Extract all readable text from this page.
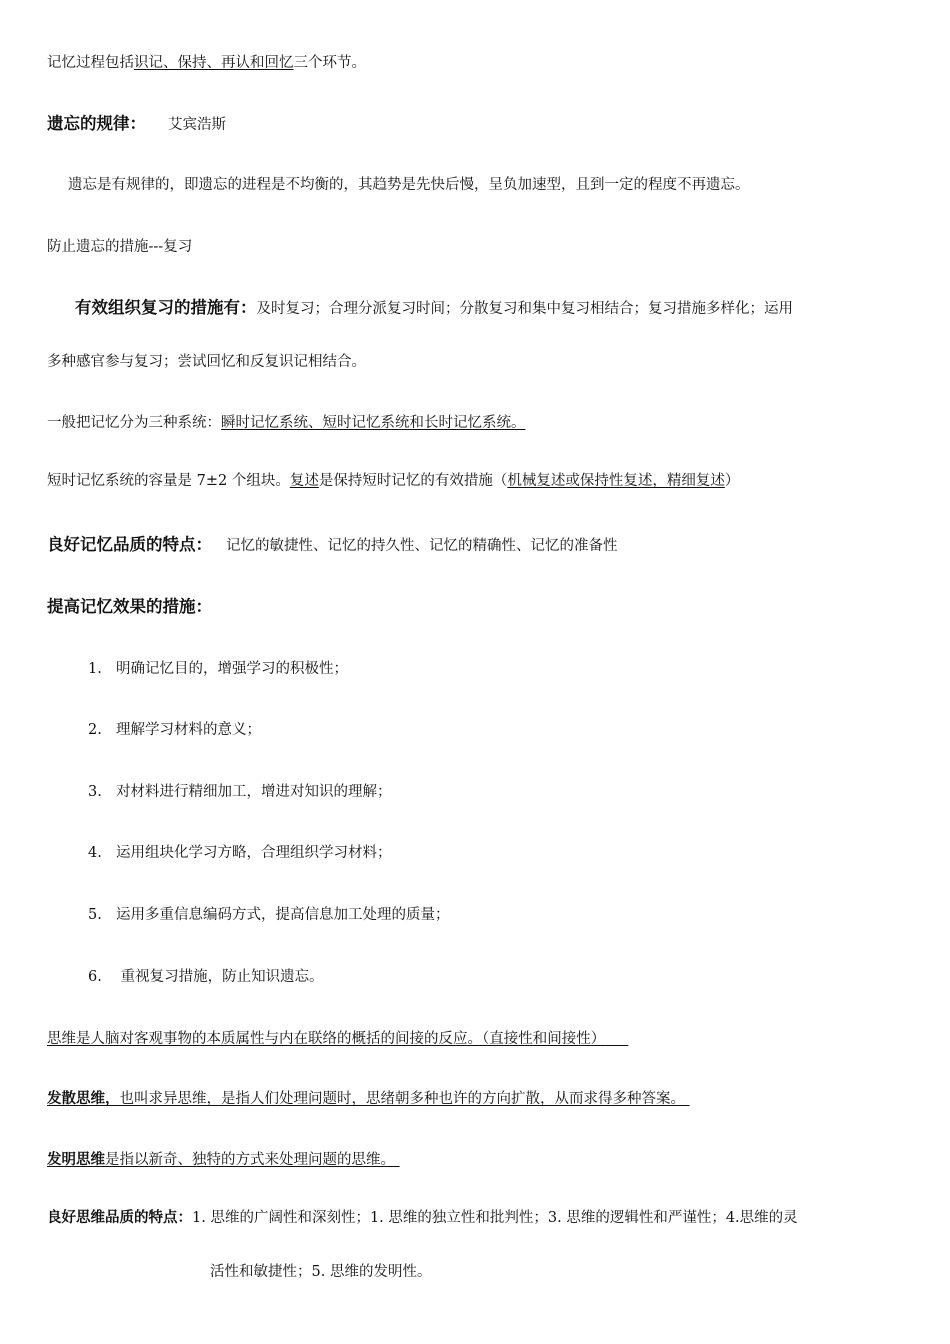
记忆过程包括识记、保持、再认和回忆三个环节。
遗忘的规律： 艾宾浩斯
遗忘是有规律的，即遗忘的进程是不均衡的，其趋势是先快后慢，呈负加速型，且到一定的程度不再遗忘。
防止遗忘的措施---复习
有效组织复习的措施有：及时复习；合理分派复习时间；分散复习和集中复习相结合；复习措施多样化；运用
多种感官参与复习；尝试回忆和反复识记相结合。
一般把记忆分为三种系统：瞬时记忆系统、短时记忆系统和长时记忆系统。
短时记忆系统的容量是 7±2 个组块。复述是保持短时记忆的有效措施（机械复述或保持性复述，精细复述）
良好记忆品质的特点： 记忆的敏捷性、记忆的持久性、记忆的精确性、记忆的准备性
提高记忆效果的措施：
1. 明确记忆目的，增强学习的积极性；
2. 理解学习材料的意义；
3. 对材料进行精细加工，增进对知识的理解；
4. 运用组块化学习方略，合理组织学习材料；
5. 运用多重信息编码方式，提高信息加工处理的质量；
6. 重视复习措施，防止知识遗忘。
思维是人脑对客观事物的本质属性与内在联络的概括的间接的反应。（直接性和间接性）
发散思维，也叫求异思维，是指人们处理问题时，思绪朝多种也许的方向扩散，从而求得多种答案。
发明思维是指以新奇、独特的方式来处理问题的思维。
良好思维品质的特点：1. 思维的广阔性和深刻性；1. 思维的独立性和批判性；3. 思维的逻辑性和严谨性；4.思维的灵
活性和敏捷性；5. 思维的发明性。
